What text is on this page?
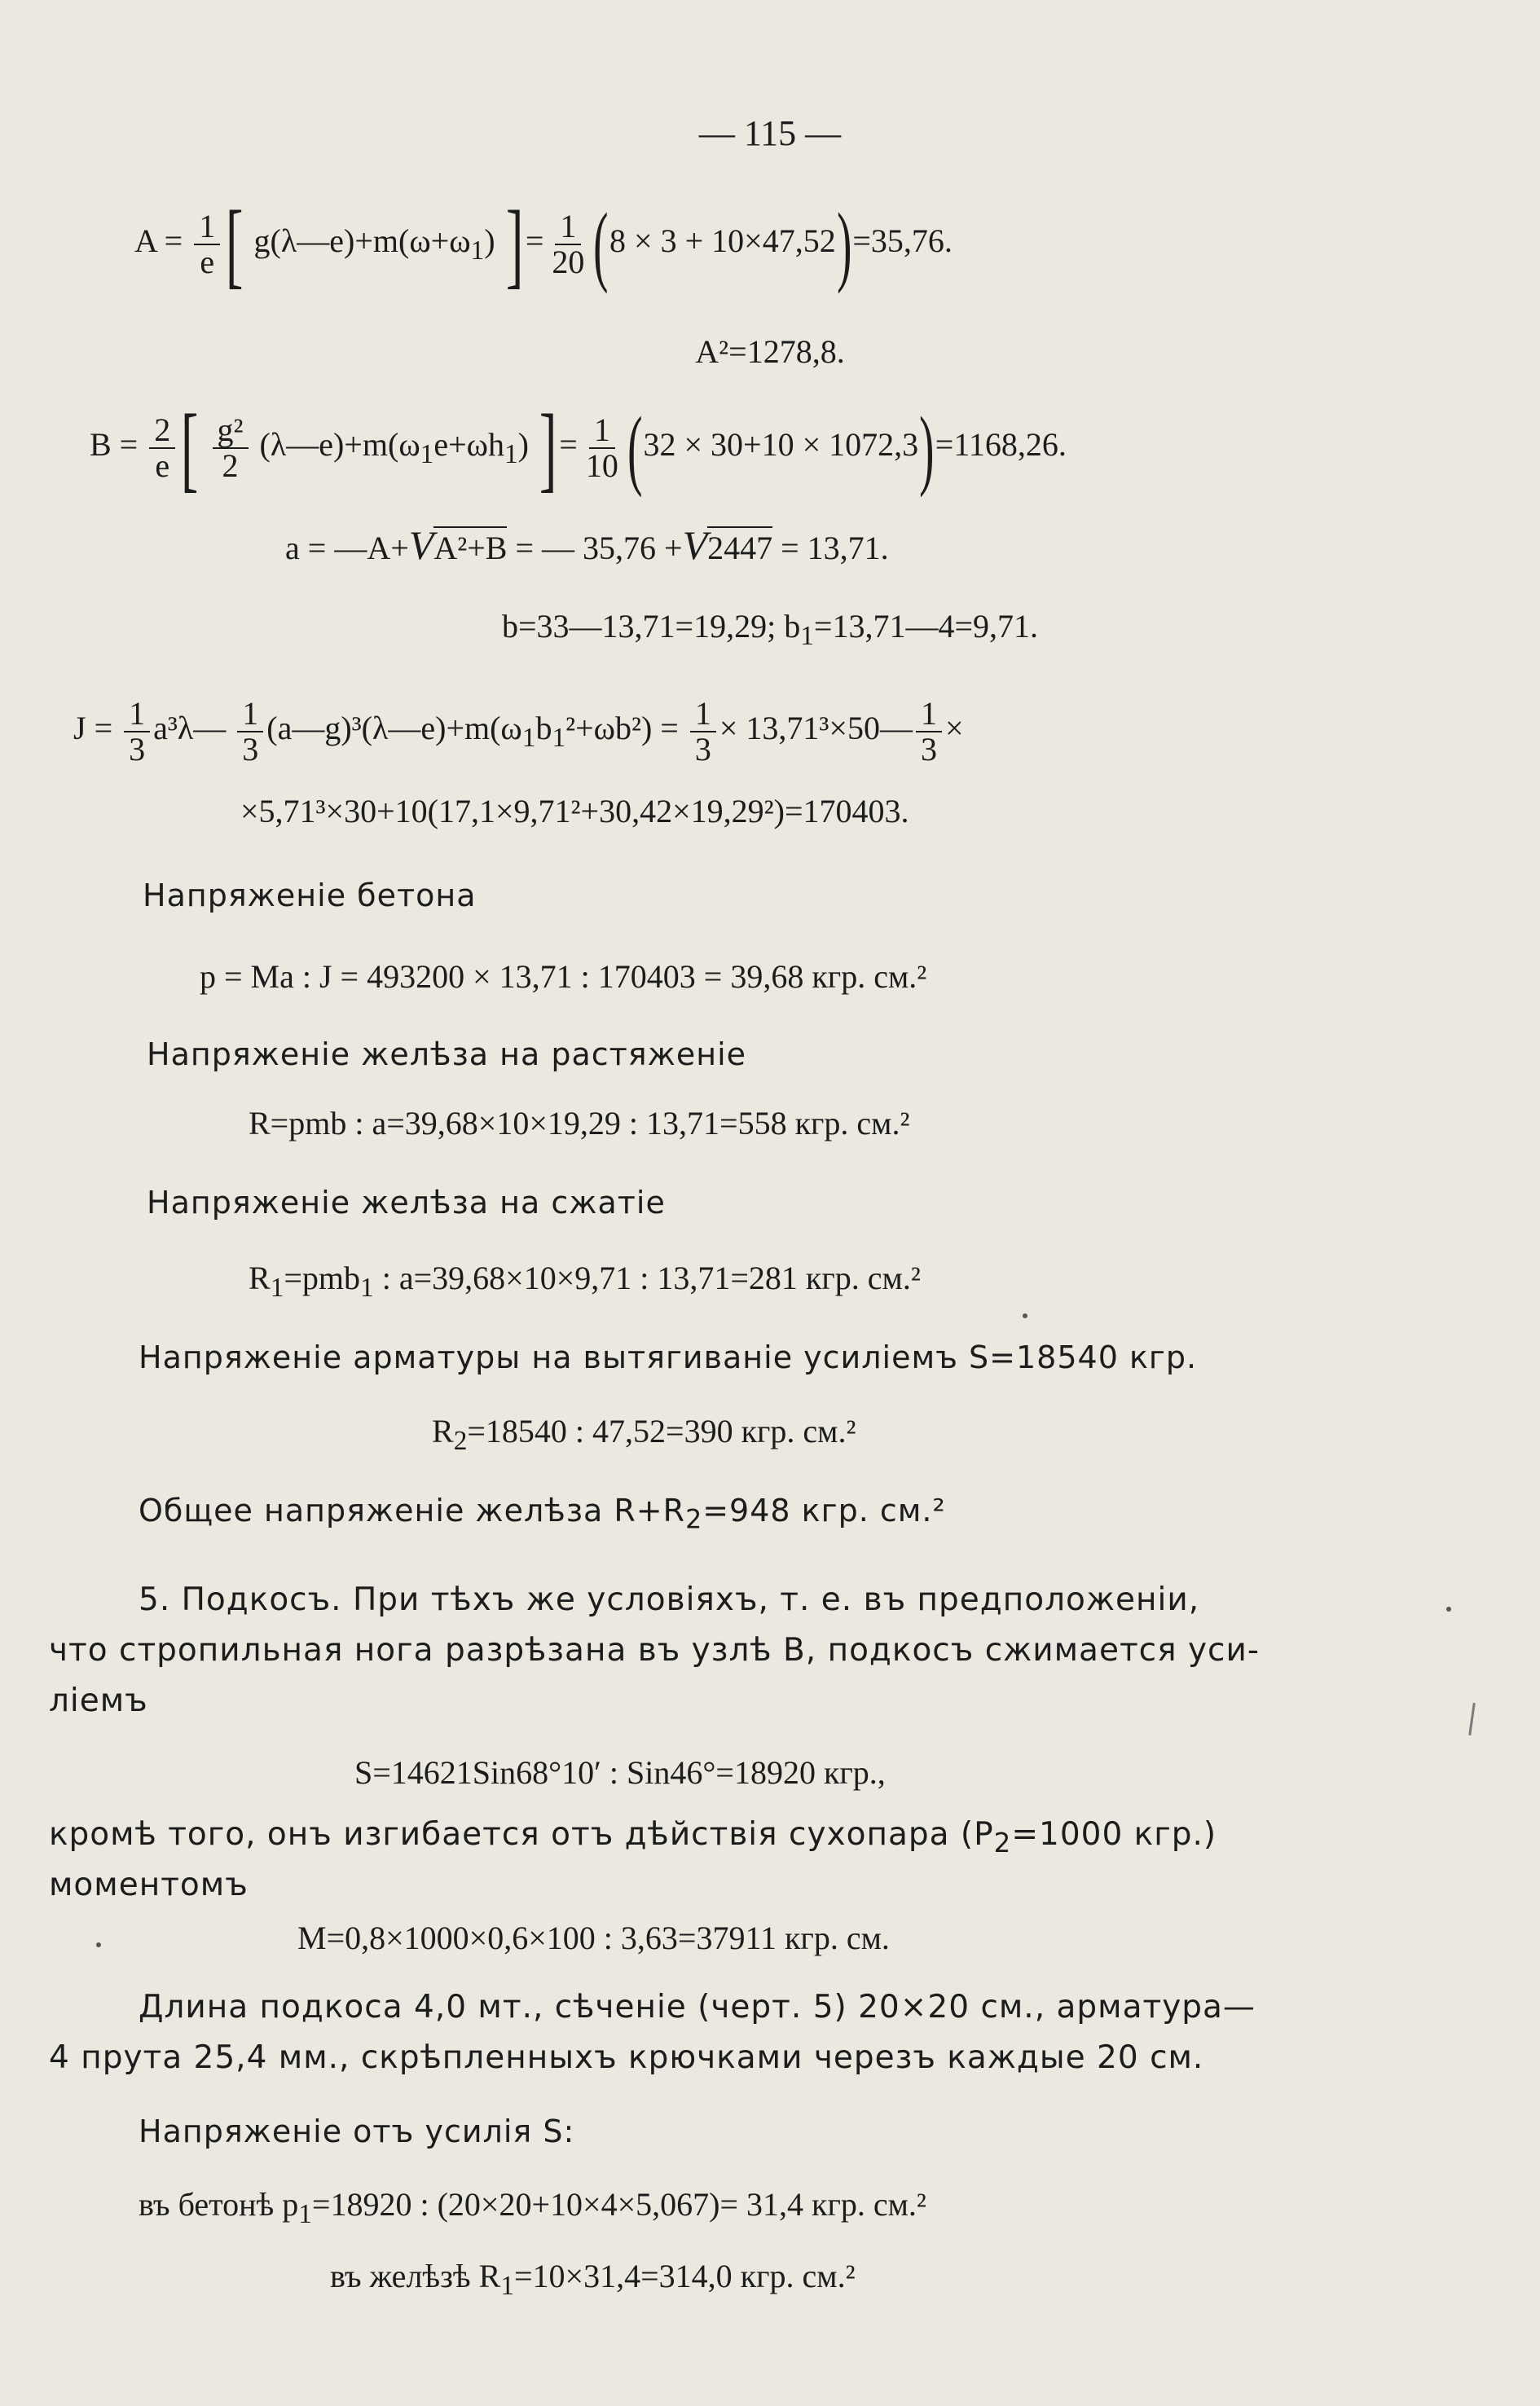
— 115 —
$A = \frac{1}{e}$ [ $g(\lambda—e)+m(\omega+\omega_1)$ ]= $\frac{1}{20} (8 \times 3 + 10\times 47,52)=35,76$.
A²=1278,8.
$B = \frac{2}{e}$ [ $\frac{\text{g²}}{2}$ $(\lambda—e)+m(\omega_1e+\omega h_1)$ ]= $\frac{1}{10} (32 \times 30+10 \times 1072,3)=1168,26$.
a = —A+VA²+B = — 35,76 +V2447 = 13,71.
b=33—13,71=19,29; $b_1=13,71—4=9,71$.
$J = \frac{1}{3}$ a³λ— $\frac{1}{3}$ $(a—g)^3(\lambda—e)+m(\omega_1b_1^2+\omega b^2) = \frac{1}{3}$ × 13,71³×50— $\frac{1}{3}$ ×
×5,71³×30+10(17,1×9,71²+30,42×19,29²)=170403.
Напряженiе бетона
p = Ma : J = 493200 × 13,71 : 170403 = 39,68 кгр. см.²
Напряженiе желѣза на растяженiе
R=pmb : a=39,68×10×19,29 : 13,71=558 кгр. см.²
Напряженiе желѣза на сжатiе
$R_1=pmb_1$ : a=39,68×10×9,71 : 13,71=281 кгр. см.²
Напряженiе арматуры на вытягиванiе усилiемъ S=18540 кгр.
$R_2=18540$ : 47,52=390 кгр. см.²
Общее напряженiе желѣза $R+R_2=948$ кгр. см.²
5. Подкосъ. При тѣхъ же условiяхъ, т. е. въ предположенiи,
что стропильная нога разрѣзана въ узлѣ B, подкосъ сжимается уси-
лiемъ
S=14621Sin68°10′ : Sin46°=18920 кгр.,
кромѣ того, онъ изгибается отъ дѣйствiя сухопара ($P_2=1000$ кгр.)
моментомъ
M=0,8×1000×0,6×100 : 3,63=37911 кгр. см.
Длина подкоса 4,0 мт., сѣченiе (черт. 5) 20×20 см., арматура—
4 прута 25,4 мм., скрѣпленныхъ крючками черезъ каждые 20 см.
Напряженiе отъ усилiя S:
въ бетонѣ $p_1=18920$ : (20×20+10×4×5,067)= 31,4 кгр. см.²
въ желѣзѣ $R_1=10\times 31,4=314,0$ кгр. см.²
